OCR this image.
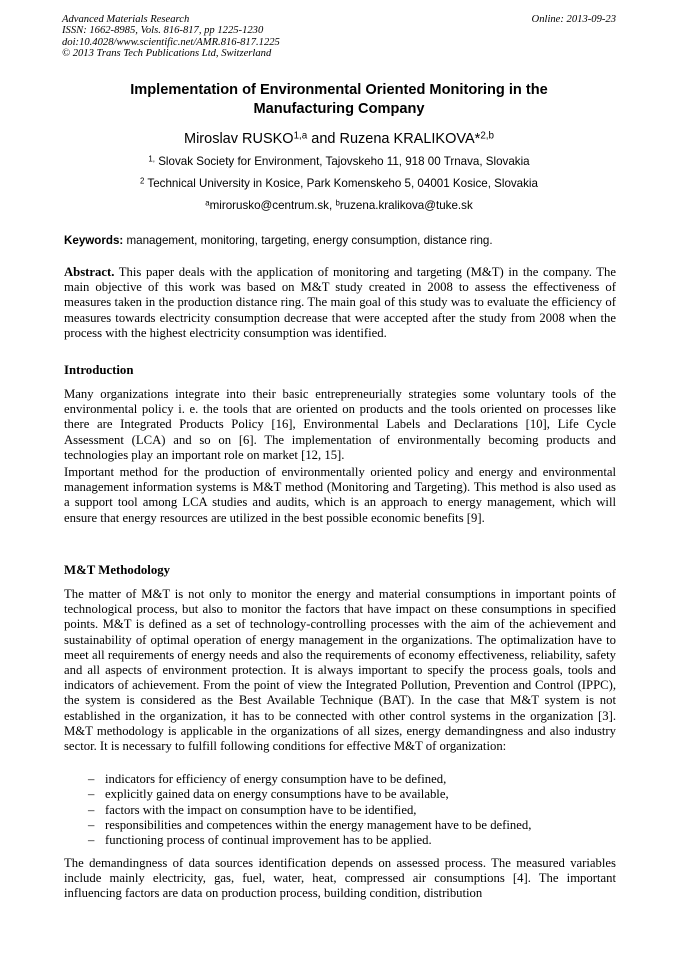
Advanced Materials Research
ISSN: 1662-8985, Vols. 816-817, pp 1225-1230
doi:10.4028/www.scientific.net/AMR.816-817.1225
© 2013 Trans Tech Publications Ltd, Switzerland
Online: 2013-09-23
Implementation of Environmental Oriented Monitoring in the
Manufacturing Company
Miroslav RUSKO$^{1,a}$ and Ruzena KRALIKOVA*$^{2,b}$
$^{1,}$ Slovak Society for Environment, Tajovskeho 11, 918 00 Trnava, Slovakia
$^2$ Technical University in Kosice, Park Komenskeho 5, 04001 Kosice, Slovakia
$^a$mirorusko@centrum.sk, $^b$ruzena.kralikova@tuke.sk
Keywords: management, monitoring, targeting, energy consumption, distance ring.
Abstract. This paper deals with the application of monitoring and targeting (M&T) in the company. The main objective of this work was based on M&T study created in 2008 to assess the effectiveness of measures taken in the production distance ring. The main goal of this study was to evaluate the efficiency of measures towards electricity consumption decrease that were accepted after the study from 2008 when the process with the highest electricity consumption was identified.
Introduction

Many organizations integrate into their basic entrepreneurially strategies some voluntary tools of the environmental policy i. e. the tools that are oriented on products and the tools oriented on processes like there are Integrated Products Policy [16], Environmental Labels and Declarations [10], Life Cycle Assessment (LCA) and so on [6]. The implementation of environmentally becoming products and technologies play an important role on market [12, 15].

Important method for the production of environmentally oriented policy and energy and environmental management information systems is M&T method (Monitoring and Targeting). This method is also used as a support tool among LCA studies and audits, which is an approach to energy management, which will ensure that energy resources are utilized in the best possible economic benefits [9].

M&T Methodology

The matter of M&T is not only to monitor the energy and material consumptions in important points of technological process, but also to monitor the factors that have impact on these consumptions in specified points. M&T is defined as a set of technology-controlling processes with the aim of the achievement and sustainability of optimal operation of energy management in the organizations. The optimalization have to meet all requirements of energy needs and also the requirements of economy effectiveness, reliability, safety and all aspects of environment protection. It is always important to specify the process goals, tools and indicators of achievement. From the point of view the Integrated Pollution, Prevention and Control (IPPC), the system is considered as the Best Available Technique (BAT). In the case that M&T system is not established in the organization, it has to be connected with other control systems in the organization [3]. M&T methodology is applicable in the organizations of all sizes, energy demandingness and also industry sector. It is necessary to fulfill following conditions for effective M&T of organization:

– indicators for efficiency of energy consumption have to be defined,
– explicitly gained data on energy consumptions have to be available,
– factors with the impact on consumption have to be identified,
– responsibilities and competences within the energy management have to be defined,
– functioning process of continual improvement has to be applied.

The demandingness of data sources identification depends on assessed process. The measured variables include mainly electricity, gas, fuel, water, heat, compressed air consumptions [4]. The important influencing factors are data on production process, building condition, distribution
